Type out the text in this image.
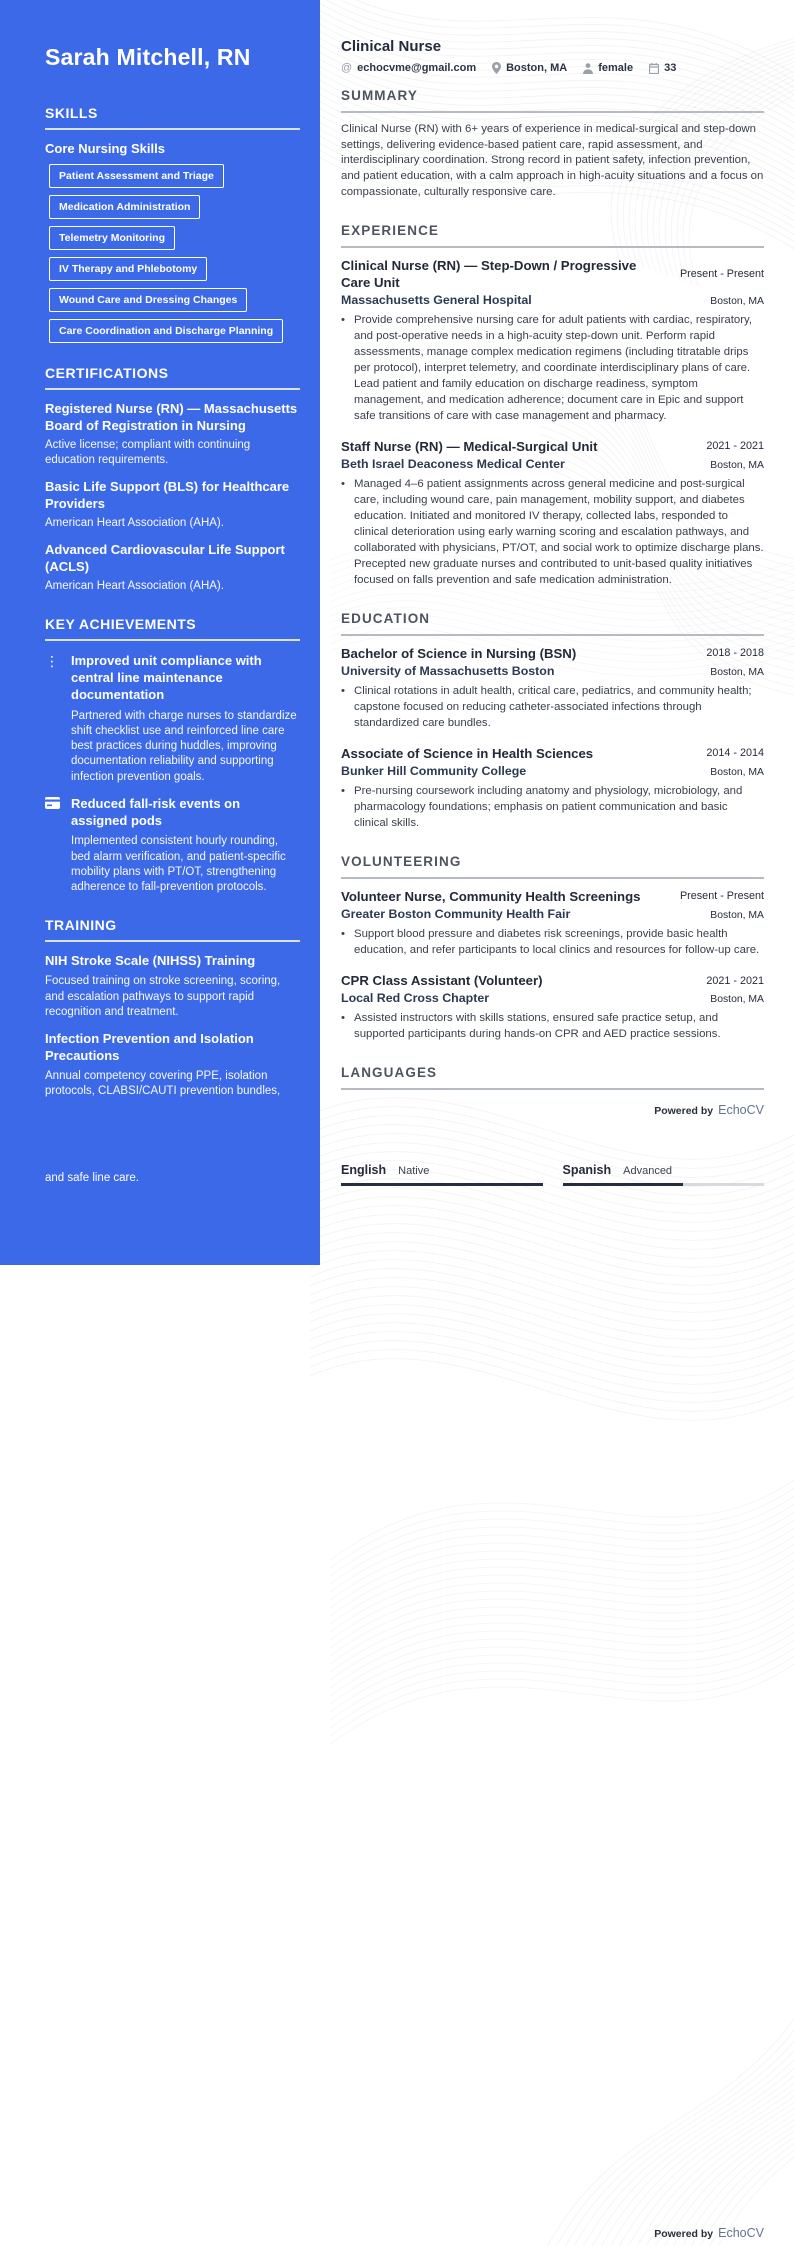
Sarah Mitchell, RN
SKILLS
Core Nursing Skills
Patient Assessment and Triage
Medication Administration
Telemetry Monitoring
IV Therapy and Phlebotomy
Wound Care and Dressing Changes
Care Coordination and Discharge Planning
CERTIFICATIONS
Registered Nurse (RN) — Massachusetts Board of Registration in Nursing
Active license; compliant with continuing education requirements.
Basic Life Support (BLS) for Healthcare Providers
American Heart Association (AHA).
Advanced Cardiovascular Life Support (ACLS)
American Heart Association (AHA).
KEY ACHIEVEMENTS
⋮ Improved unit compliance with central line maintenance documentation
Partnered with charge nurses to standardize shift checklist use and reinforced line care best practices during huddles, improving documentation reliability and supporting infection prevention goals.
Reduced fall-risk events on assigned pods
Implemented consistent hourly rounding, bed alarm verification, and patient-specific mobility plans with PT/OT, strengthening adherence to fall-prevention protocols.
TRAINING
NIH Stroke Scale (NIHSS) Training
Focused training on stroke screening, scoring, and escalation pathways to support rapid recognition and treatment.
Infection Prevention and Isolation Precautions
Annual competency covering PPE, isolation protocols, CLABSI/CAUTI prevention bundles,
and safe line care.
Clinical Nurse
@ echocvme@gmail.com	Boston, MA	female	33
SUMMARY

Clinical Nurse (RN) with 6+ years of experience in medical-surgical and step-down settings, delivering evidence-based patient care, rapid assessment, and interdisciplinary coordination. Strong record in patient safety, infection prevention, and patient education, with a calm approach in high-acuity situations and a focus on compassionate, culturally responsive care.

EXPERIENCE
Clinical Nurse (RN) — Step-Down / Progressive Care Unit
Present - Present
Massachusetts General Hospital	Boston, MA
• Provide comprehensive nursing care for adult patients with cardiac, respiratory, and post-operative needs in a high-acuity step-down unit. Perform rapid assessments, manage complex medication regimens (including titratable drips per protocol), interpret telemetry, and coordinate interdisciplinary plans of care. Lead patient and family education on discharge readiness, symptom management, and medication adherence; document care in Epic and support safe transitions of care with case management and pharmacy.
Staff Nurse (RN) — Medical-Surgical Unit	2021 - 2021
Beth Israel Deaconess Medical Center	Boston, MA
• Managed 4–6 patient assignments across general medicine and post-surgical care, including wound care, pain management, mobility support, and diabetes education. Initiated and monitored IV therapy, collected labs, responded to clinical deterioration using early warning scoring and escalation pathways, and collaborated with physicians, PT/OT, and social work to optimize discharge plans. Precepted new graduate nurses and contributed to unit-based quality initiatives focused on falls prevention and safe medication administration.
EDUCATION
Bachelor of Science in Nursing (BSN)	2018 - 2018
University of Massachusetts Boston	Boston, MA
• Clinical rotations in adult health, critical care, pediatrics, and community health; capstone focused on reducing catheter-associated infections through standardized care bundles.
Associate of Science in Health Sciences	2014 - 2014
Bunker Hill Community College	Boston, MA
• Pre-nursing coursework including anatomy and physiology, microbiology, and pharmacology foundations; emphasis on patient communication and basic clinical skills.
VOLUNTEERING
Volunteer Nurse, Community Health Screenings	Present - Present
Greater Boston Community Health Fair	Boston, MA
• Support blood pressure and diabetes risk screenings, provide basic health education, and refer participants to local clinics and resources for follow-up care.
CPR Class Assistant (Volunteer)	2021 - 2021
Local Red Cross Chapter	Boston, MA
• Assisted instructors with skills stations, ensured safe practice setup, and supported participants during hands-on CPR and AED practice sessions.
LANGUAGES
English Native	Spanish Advanced
Powered by EchoCV
Powered by EchoCV
